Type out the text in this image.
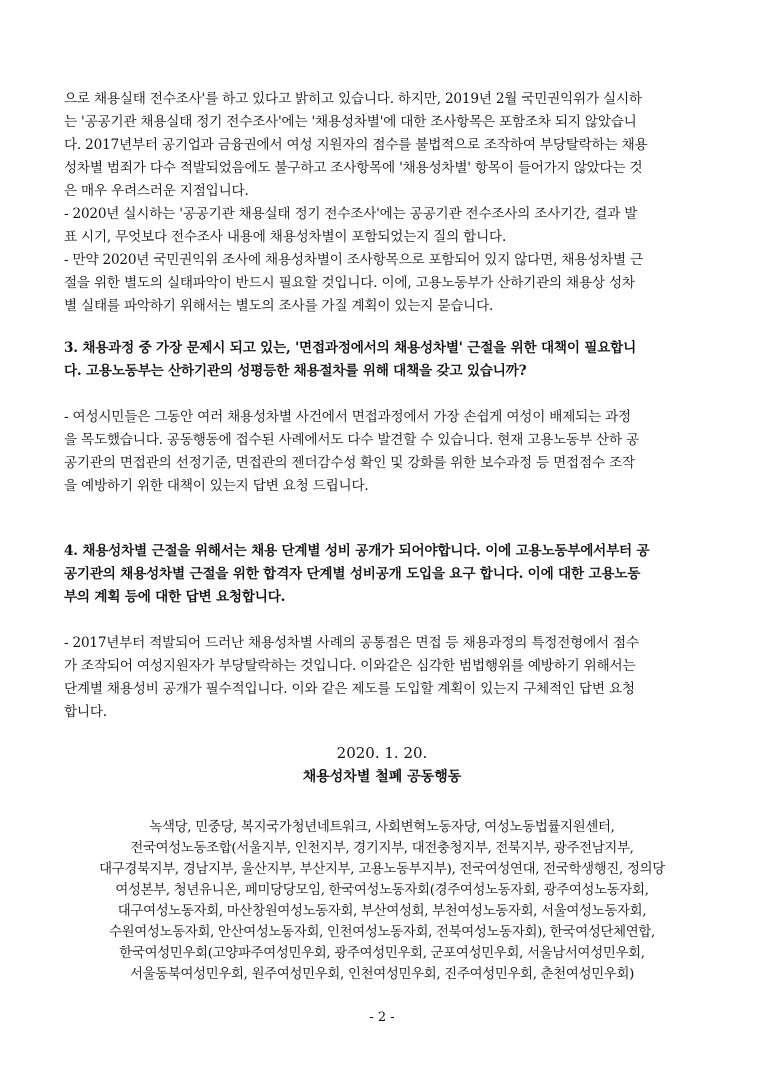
으로 채용실태 전수조사'를 하고 있다고 밝히고 있습니다. 하지만, 2019년 2월 국민권익위가 실시하
는 '공공기관 채용실태 정기 전수조사'에는 '채용성차별'에 대한 조사항목은 포함조차 되지 않았습니
다. 2017년부터 공기업과 금융권에서 여성 지원자의 점수를 불법적으로 조작하여 부당탈락하는 채용
성차별 범죄가 다수 적발되었음에도 불구하고 조사항목에 '채용성차별' 항목이 들어가지 않았다는 것
은 매우 우려스러운 지점입니다.
- 2020년 실시하는 '공공기관 채용실태 정기 전수조사'에는 공공기관 전수조사의 조사기간, 결과 발
표 시기, 무엇보다 전수조사 내용에 채용성차별이 포함되었는지 질의 합니다.
- 만약 2020년 국민권익위 조사에 채용성차별이 조사항목으로 포함되어 있지 않다면, 채용성차별 근
절을 위한 별도의 실태파악이 반드시 필요할 것입니다. 이에, 고용노동부가 산하기관의 채용상 성차
별 실태를 파악하기 위해서는 별도의 조사를 가질 계획이 있는지 묻습니다.
3. 채용과정 중 가장 문제시 되고 있는, '면접과정에서의 채용성차별' 근절을 위한 대책이 필요합니
다. 고용노동부는 산하기관의 성평등한 채용절차를 위해 대책을 갖고 있습니까?
- 여성시민들은 그동안 여러 채용성차별 사건에서 면접과정에서 가장 손쉽게 여성이 배제되는 과정
을 목도했습니다. 공동행동에 접수된 사례에서도 다수 발견할 수 있습니다. 현재 고용노동부 산하 공
공기관의 면접관의 선정기준, 면접관의 젠더감수성 확인 및 강화를 위한 보수과정 등 면접점수 조작
을 예방하기 위한 대책이 있는지 답변 요청 드립니다.
4. 채용성차별 근절을 위해서는 채용 단계별 성비 공개가 되어야합니다. 이에 고용노동부에서부터 공
공기관의 채용성차별 근절을 위한 합격자 단계별 성비공개 도입을 요구 합니다. 이에 대한 고용노동
부의 계획 등에 대한 답변 요청합니다.
- 2017년부터 적발되어 드러난 채용성차별 사례의 공통점은 면접 등 채용과정의 특정전형에서 점수
가 조작되어 여성지원자가 부당탈락하는 것입니다. 이와같은 심각한 범법행위를 예방하기 위해서는
단계별 채용성비 공개가 필수적입니다. 이와 같은 제도를 도입할 계획이 있는지 구체적인 답변 요청
합니다.
2020. 1. 20.
채용성차별 철폐 공동행동
녹색당, 민중당, 복지국가청년네트워크, 사회변혁노동자당, 여성노동법률지원센터,
전국여성노동조합(서울지부, 인천지부, 경기지부, 대전충청지부, 전북지부, 광주전남지부,
대구경북지부, 경남지부, 울산지부, 부산지부, 고용노동부지부), 전국여성연대, 전국학생행진, 정의당
여성본부, 청년유니온, 페미당당모임, 한국여성노동자회(경주여성노동자회, 광주여성노동자회,
대구여성노동자회, 마산창원여성노동자회, 부산여성회, 부천여성노동자회, 서울여성노동자회,
수원여성노동자회, 안산여성노동자회, 인천여성노동자회, 전북여성노동자회), 한국여성단체연합,
한국여성민우회(고양파주여성민우회, 광주여성민우회, 군포여성민우회, 서울남서여성민우회,
서울동북여성민우회, 원주여성민우회, 인천여성민우회, 진주여성민우회, 춘천여성민우회)
- 2 -
